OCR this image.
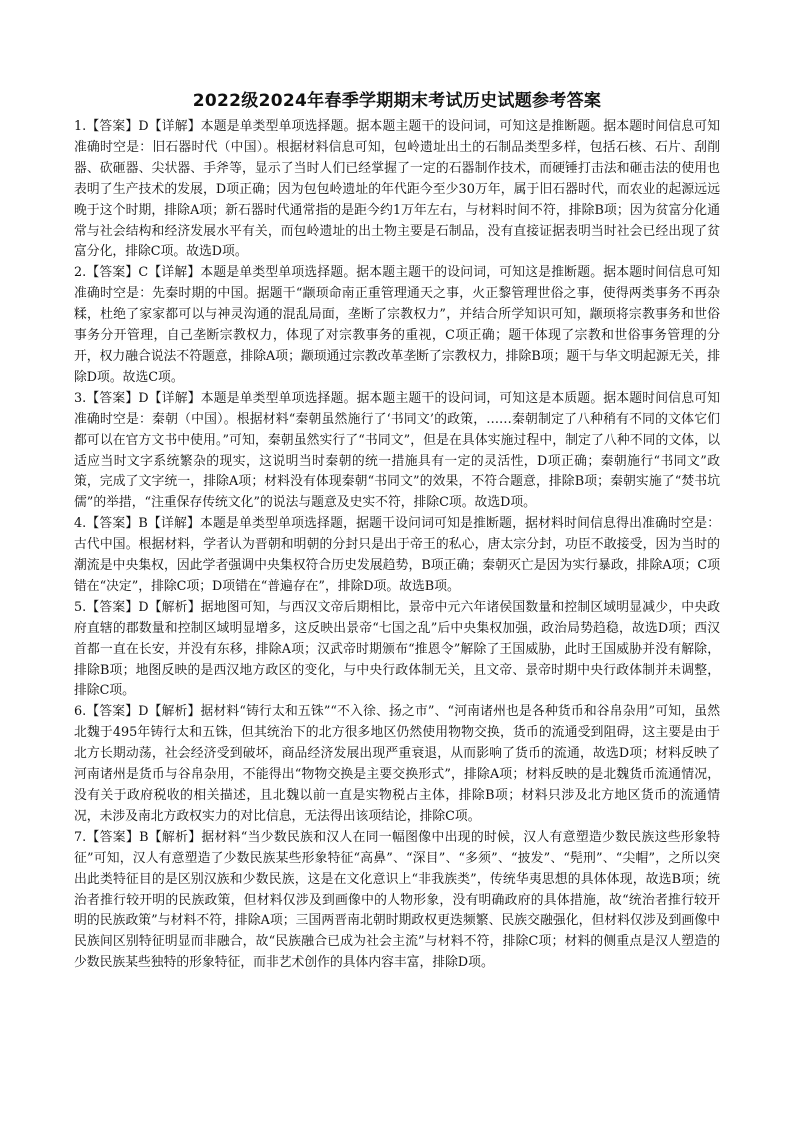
2022级2024年春季学期期末考试历史试题参考答案

1.【答案】D【详解】本题是单类型单项选择题。据本题主题干的设问词，可知这是推断题。据本题时间信息可知准确时空是：旧石器时代（中国）。根据材料信息可知，包岭遗址出土的石制品类型多样，包括石核、石片、刮削器、砍砸器、尖状器、手斧等，显示了当时人们已经掌握了一定的石器制作技术，而硬锤打击法和砸击法的使用也表明了生产技术的发展，D项正确；因为包包岭遗址的年代距今至少30万年，属于旧石器时代，而农业的起源远远晚于这个时期，排除A项；新石器时代通常指的是距今约1万年左右，与材料时间不符，排除B项；因为贫富分化通常与社会结构和经济发展水平有关，而包岭遗址的出土物主要是石制品，没有直接证据表明当时社会已经出现了贫富分化，排除C项。故选D项。

2.【答案】C【详解】本题是单类型单项选择题。据本题主题干的设问词，可知这是推断题。据本题时间信息可知准确时空是：先秦时期的中国。据题干“颛顼命南正重管理通天之事，火正黎管理世俗之事，使得两类事务不再杂糅，杜绝了家家都可以与神灵沟通的混乱局面，垄断了宗教权力”，并结合所学知识可知，颛顼将宗教事务和世俗事务分开管理，自己垄断宗教权力，体现了对宗教事务的重视，C项正确；题干体现了宗教和世俗事务管理的分开，权力融合说法不符题意，排除A项；颛顼通过宗教改革垄断了宗教权力，排除B项；题干与华文明起源无关，排除D项。故选C项。

3.【答案】D【详解】本题是单类型单项选择题。据本题主题干的设问词，可知这是本质题。据本题时间信息可知准确时空是：秦朝（中国）。根据材料“秦朝虽然施行了‘书同文’的政策，……秦朝制定了八种稍有不同的文体它们都可以在官方文书中使用。”可知，秦朝虽然实行了“书同文”，但是在具体实施过程中，制定了八种不同的文体，以适应当时文字系统繁杂的现实，这说明当时秦朝的统一措施具有一定的灵活性，D项正确；秦朝施行“书同文”政策，完成了文字统一，排除A项；材料没有体现秦朝“书同文”的效果，不符合题意，排除B项；秦朝实施了“焚书坑儒”的举措，“注重保存传统文化”的说法与题意及史实不符，排除C项。故选D项。

4.【答案】B【详解】本题是单类型单项选择题，据题干设问词可知是推断题，据材料时间信息得出准确时空是：古代中国。根据材料，学者认为晋朝和明朝的分封只是出于帝王的私心，唐太宗分封，功臣不敢接受，因为当时的潮流是中央集权，因此学者强调中央集权符合历史发展趋势，B项正确；秦朝灭亡是因为实行暴政，排除A项；C项错在“决定”，排除C项；D项错在“普遍存在”，排除D项。故选B项。

5.【答案】D【解析】据地图可知，与西汉文帝后期相比，景帝中元六年诸侯国数量和控制区域明显减少，中央政府直辖的郡数量和控制区域明显增多，这反映出景帝“七国之乱”后中央集权加强，政治局势趋稳，故选D项；西汉首都一直在长安，并没有东移，排除A项；汉武帝时期颁布“推恩令”解除了王国威胁，此时王国威胁并没有解除，排除B项；地图反映的是西汉地方政区的变化，与中央行政体制无关，且文帝、景帝时期中央行政体制并未调整，排除C项。

6.【答案】D【解析】据材料“铸行太和五铢”“不入徐、扬之市”、“河南诸州也是各种货币和谷帛杂用”可知，虽然北魏于495年铸行太和五铢，但其统治下的北方很多地区仍然使用物物交换，货币的流通受到阻碍，这主要是由于北方长期动荡，社会经济受到破坏，商品经济发展出现严重衰退，从而影响了货币的流通，故选D项；材料反映了河南诸州是货币与谷帛杂用，不能得出“物物交换是主要交换形式”，排除A项；材料反映的是北魏货币流通情况，没有关于政府税收的相关描述，且北魏以前一直是实物税占主体，排除B项；材料只涉及北方地区货币的流通情况，未涉及南北方政权实力的对比信息，无法得出该项结论，排除C项。

7.【答案】B【解析】据材料“当少数民族和汉人在同一幅图像中出现的时候，汉人有意塑造少数民族这些形象特征”可知，汉人有意塑造了少数民族某些形象特征“高鼻”、“深目”、“多须”、“披发”、“髡刑”、“尖帽”，之所以突出此类特征目的是区别汉族和少数民族，这是在文化意识上“非我族类”，传统华夷思想的具体体现，故选B项；统治者推行较开明的民族政策，但材料仅涉及到画像中的人物形象，没有明确政府的具体措施，故“统治者推行较开明的民族政策”与材料不符，排除A项；三国两晋南北朝时期政权更迭频繁、民族交融强化，但材料仅涉及到画像中民族间区别特征明显而非融合，故“民族融合已成为社会主流”与材料不符，排除C项；材料的侧重点是汉人塑造的少数民族某些独特的形象特征，而非艺术创作的具体内容丰富，排除D项。
